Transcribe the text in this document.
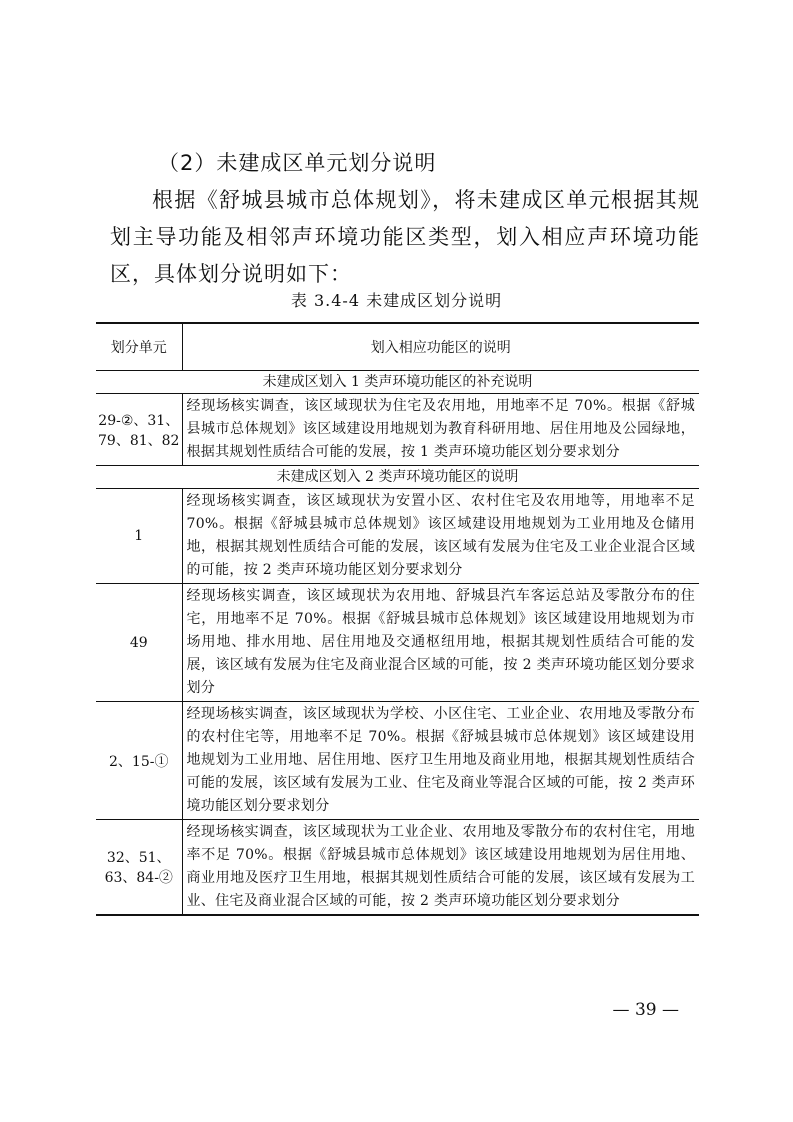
（2）未建成区单元划分说明
根据《舒城县城市总体规划》，将未建成区单元根据其规划主导功能及相邻声环境功能区类型，划入相应声环境功能区，具体划分说明如下：
表 3.4-4 未建成区划分说明
划分单元	划入相应功能区的说明
未建成区划入 1 类声环境功能区的补充说明	
29-②、31、79、81、82	经现场核实调查，该区域现状为住宅及农用地，用地率不足 70%。根据《舒城县城市总体规划》该区域建设用地规划为教育科研用地、居住用地及公园绿地，根据其规划性质结合可能的发展，按 1 类声环境功能区划分要求划分
未建成区划入 2 类声环境功能区的说明	
1	经现场核实调查，该区域现状为安置小区、农村住宅及农用地等，用地率不足 70%。根据《舒城县城市总体规划》该区域建设用地规划为工业用地及仓储用地，根据其规划性质结合可能的发展，该区域有发展为住宅及工业企业混合区域的可能，按 2 类声环境功能区划分要求划分
49	经现场核实调查，该区域现状为农用地、舒城县汽车客运总站及零散分布的住宅，用地率不足 70%。根据《舒城县城市总体规划》该区域建设用地规划为市场用地、排水用地、居住用地及交通枢纽用地，根据其规划性质结合可能的发展，该区域有发展为住宅及商业混合区域的可能，按 2 类声环境功能区划分要求划分
2、15-①	经现场核实调查，该区域现状为学校、小区住宅、工业企业、农用地及零散分布的农村住宅等，用地率不足 70%。根据《舒城县城市总体规划》该区域建设用地规划为工业用地、居住用地、医疗卫生用地及商业用地，根据其规划性质结合可能的发展，该区域有发展为工业、住宅及商业等混合区域的可能，按 2 类声环境功能区划分要求划分
32、51、63、84-②	经现场核实调查，该区域现状为工业企业、农用地及零散分布的农村住宅，用地率不足 70%。根据《舒城县城市总体规划》该区域建设用地规划为居住用地、商业用地及医疗卫生用地，根据其规划性质结合可能的发展，该区域有发展为工业、住宅及商业混合区域的可能，按 2 类声环境功能区划分要求划分
— 39 —
